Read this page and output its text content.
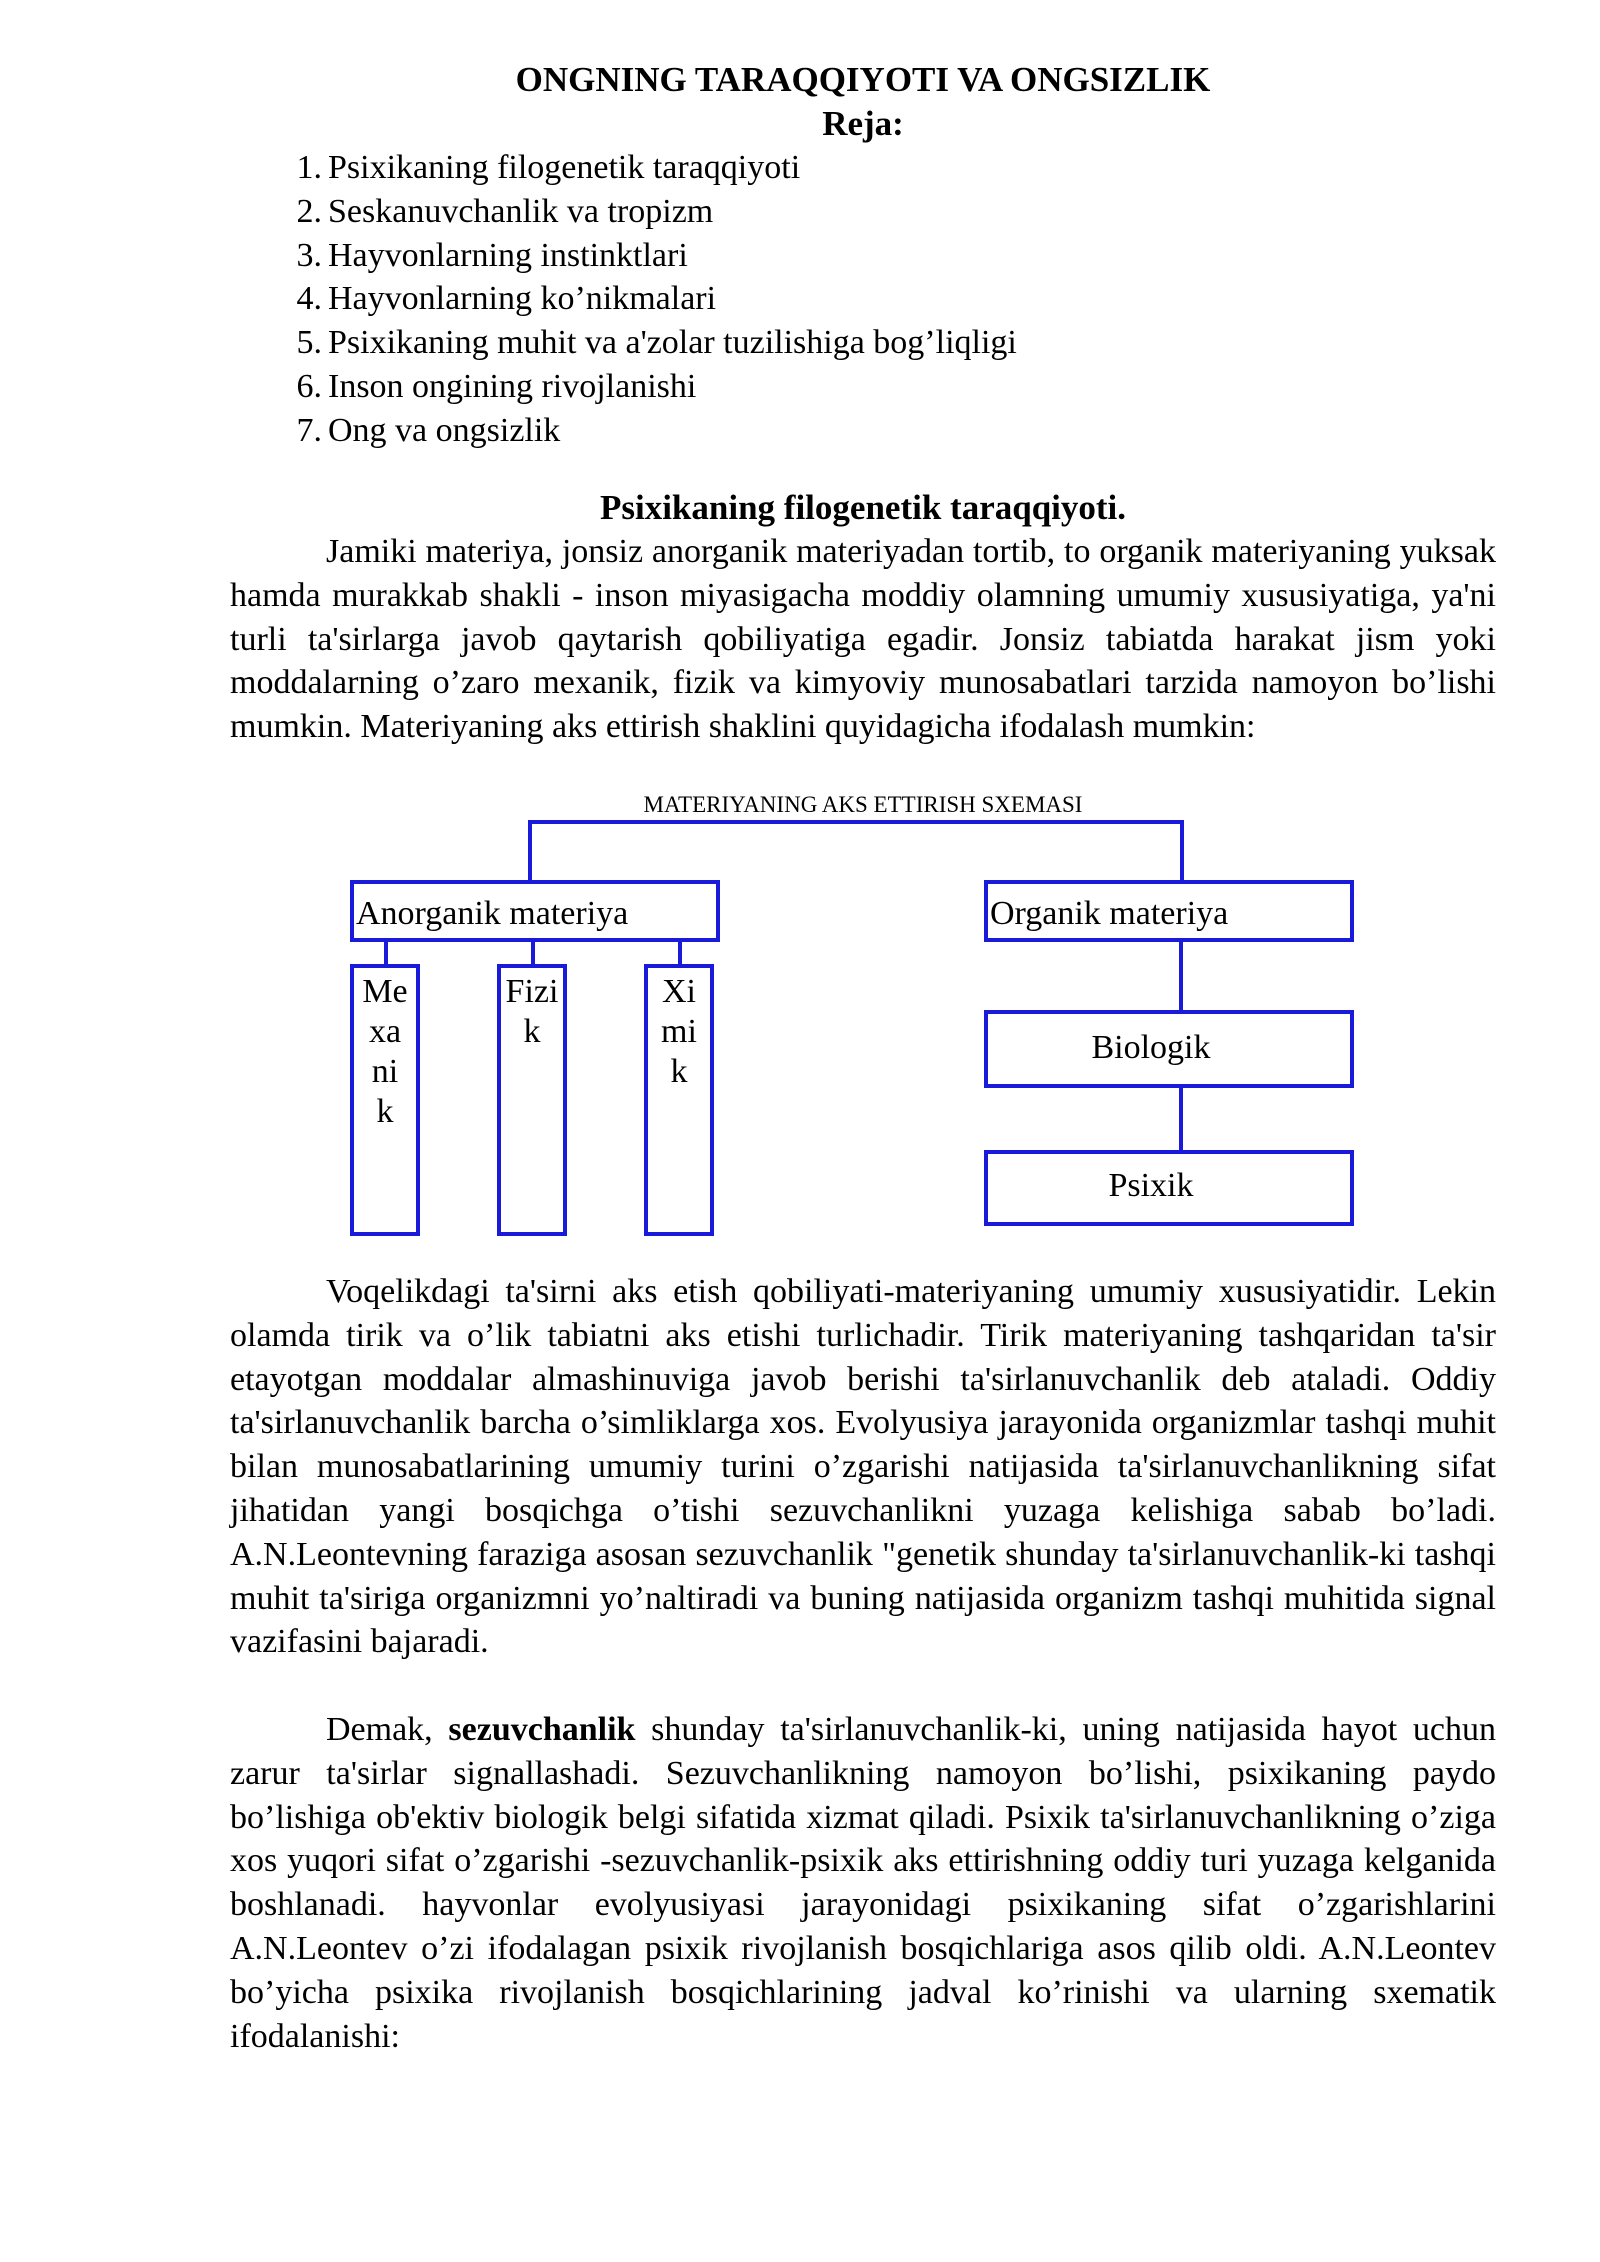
ONGNING TARAQQIYOTI VA ONGSIZLIK
Reja:
1. Psixikaning filogenetik taraqqiyoti
2. Seskanuvchanlik va tropizm
3. Hayvonlarning instinktlari
4. Hayvonlarning ko’nikmalari
5. Psixikaning muhit va a'zolar tuzilishiga bog’liqligi
6. Inson ongining rivojlanishi
7. Ong va ongsizlik
Psixikaning filogenetik taraqqiyoti.

Jamiki materiya, jonsiz anorganik materiyadan tortib, to organik materiyaning yuksak hamda murakkab shakli - inson miyasigacha moddiy olamning umumiy xususiyatiga, ya'ni turli ta'sirlarga javob qaytarish qobiliyatiga egadir. Jonsiz tabiatda harakat jism yoki moddalarning o’zaro mexanik, fizik va kimyoviy munosabatlari tarzida namoyon bo’lishi mumkin. Materiyaning aks ettirish shaklini quyidagicha ifodalash mumkin:

MATERIYANING AKS ETTIRISH SXEMASI

Voqelikdagi ta'sirni aks etish qobiliyati-materiyaning umumiy xususiyatidir. Lekin olamda tirik va o’lik tabiatni aks etishi turlichadir. Tirik materiyaning tashqaridan ta'sir etayotgan moddalar almashinuviga javob berishi ta'sirlanuvchanlik deb ataladi. Oddiy ta'sirlanuvchanlik barcha o’simliklarga xos. Evolyusiya jarayonida organizmlar tashqi muhit bilan munosabatlarining umumiy turini o’zgarishi natijasida ta'sirlanuvchanlikning sifat jihatidan yangi bosqichga o’tishi sezuvchanlikni yuzaga kelishiga sabab bo’ladi. A.N.Leontevning faraziga asosan sezuvchanlik "genetik shunday ta'sirlanuvchanlik-ki tashqi muhit ta'siriga organizmni yo’naltiradi va buning natijasida organizm tashqi muhitida signal vazifasini bajaradi.

Demak, sezuvchanlik shunday ta'sirlanuvchanlik-ki, uning natijasida hayot uchun zarur ta'sirlar signallashadi. Sezuvchanlikning namoyon bo’lishi, psixikaning paydo bo’lishiga ob'ektiv biologik belgi sifatida xizmat qiladi. Psixik ta'sirlanuvchanlikning o’ziga xos yuqori sifat o’zgarishi -sezuvchanlik-psixik aks ettirishning oddiy turi yuzaga kelganida boshlanadi. hayvonlar evolyusiyasi jarayonidagi psixikaning sifat o’zgarishlarini A.N.Leontev o’zi ifodalagan psixik rivojlanish bosqichlariga asos qilib oldi. A.N.Leontev bo’yicha psixika rivojlanish bosqichlarining jadval ko’rinishi va ularning sxematik ifodalanishi:

Anorganik materiya	Organik materiya
Me
xa
ni
k
Fizi
k
Xi
mi
k
Biologik
Psixik
